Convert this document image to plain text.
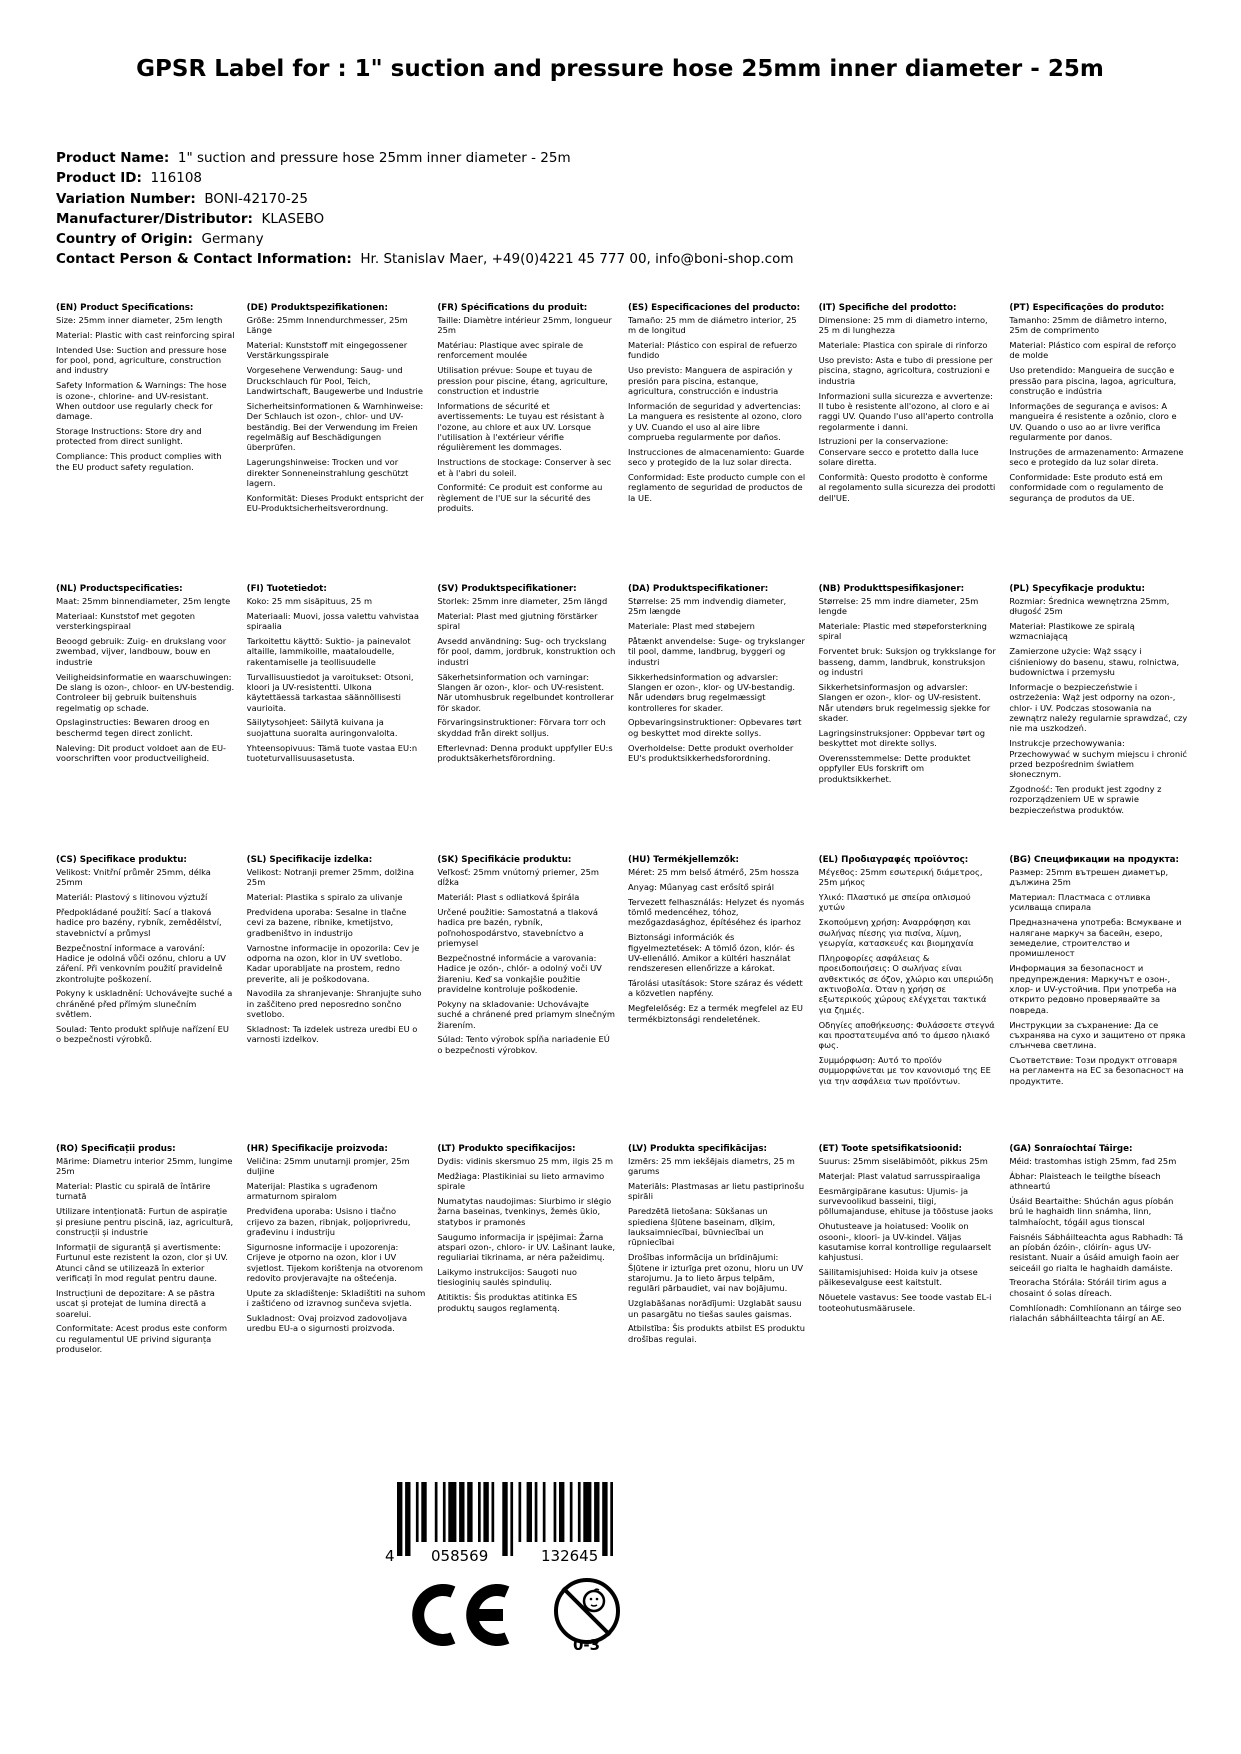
GPSR Label for : 1" suction and pressure hose 25mm inner diameter - 25m
Product Name:  1" suction and pressure hose 25mm inner diameter - 25m
Product ID:  116108
Variation Number:  BONI-42170-25
Manufacturer/Distributor:  KLASEBO
Country of Origin:  Germany
Contact Person & Contact Information:  Hr. Stanislav Maer, +49(0)4221 45 777 00, info@boni-shop.com
(EN) Product Specifications:

Size: 25mm inner diameter, 25m length

Material: Plastic with cast reinforcing spiral

Intended Use: Suction and pressure hose for pool, pond, agriculture, construction and industry

Safety Information & Warnings: The hose is ozone-, chlorine- and UV-resistant. When outdoor use regularly check for damage.

Storage Instructions: Store dry and protected from direct sunlight.

Compliance: This product complies with the EU product safety regulation.

(DE) Produktspezifikationen:

Größe: 25mm Innendurchmesser, 25m Länge

Material: Kunststoff mit eingegossener Verstärkungsspirale

Vorgesehene Verwendung: Saug- und Druckschlauch für Pool, Teich, Landwirtschaft, Baugewerbe und Industrie

Sicherheitsinformationen & Warnhinweise: Der Schlauch ist ozon-, chlor- und UV-beständig. Bei der Verwendung im Freien regelmäßig auf Beschädigungen überprüfen.

Lagerungshinweise: Trocken und vor direkter Sonneneinstrahlung geschützt lagern.

Konformität: Dieses Produkt entspricht der EU-Produktsicherheitsverordnung.

(FR) Spécifications du produit:

Taille: Diamètre intérieur 25mm, longueur 25m

Matériau: Plastique avec spirale de renforcement moulée

Utilisation prévue: Soupe et tuyau de pression pour piscine, étang, agriculture, construction et industrie

Informations de sécurité et avertissements: Le tuyau est résistant à l'ozone, au chlore et aux UV. Lorsque l'utilisation à l'extérieur vérifie régulièrement les dommages.

Instructions de stockage: Conserver à sec et à l'abri du soleil.

Conformité: Ce produit est conforme au règlement de l'UE sur la sécurité des produits.

(ES) Especificaciones del producto:

Tamaño: 25 mm de diámetro interior, 25 m de longitud

Material: Plástico con espiral de refuerzo fundido

Uso previsto: Manguera de aspiración y presión para piscina, estanque, agricultura, construcción e industria

Información de seguridad y advertencias: La manguera es resistente al ozono, cloro y UV. Cuando el uso al aire libre comprueba regularmente por daños.

Instrucciones de almacenamiento: Guarde seco y protegido de la luz solar directa.

Conformidad: Este producto cumple con el reglamento de seguridad de productos de la UE.

(IT) Specifiche del prodotto:

Dimensione: 25 mm di diametro interno, 25 m di lunghezza

Materiale: Plastica con spirale di rinforzo

Uso previsto: Asta e tubo di pressione per piscina, stagno, agricoltura, costruzioni e industria

Informazioni sulla sicurezza e avvertenze: Il tubo è resistente all'ozono, al cloro e ai raggi UV. Quando l'uso all'aperto controlla regolarmente i danni.

Istruzioni per la conservazione: Conservare secco e protetto dalla luce solare diretta.

Conformità: Questo prodotto è conforme al regolamento sulla sicurezza dei prodotti dell'UE.

(PT) Especificações do produto:

Tamanho: 25mm de diâmetro interno, 25m de comprimento

Material: Plástico com espiral de reforço de molde

Uso pretendido: Mangueira de sucção e pressão para piscina, lagoa, agricultura, construção e indústria

Informações de segurança e avisos: A mangueira é resistente a ozônio, cloro e UV. Quando o uso ao ar livre verifica regularmente por danos.

Instruções de armazenamento: Armazene seco e protegido da luz solar direta.

Conformidade: Este produto está em conformidade com o regulamento de segurança de produtos da UE.

(NL) Productspecificaties:

Maat: 25mm binnendiameter, 25m lengte

Materiaal: Kunststof met gegoten versterkingspiraal

Beoogd gebruik: Zuig- en drukslang voor zwembad, vijver, landbouw, bouw en industrie

Veiligheidsinformatie en waarschuwingen: De slang is ozon-, chloor- en UV-bestendig. Controleer bij gebruik buitenshuis regelmatig op schade.

Opslaginstructies: Bewaren droog en beschermd tegen direct zonlicht.

Naleving: Dit product voldoet aan de EU-voorschriften voor productveiligheid.

(FI) Tuotetiedot:

Koko: 25 mm sisäpituus, 25 m

Materiaali: Muovi, jossa valettu vahvistaa spiraalia

Tarkoitettu käyttö: Suktio- ja painevalot altaille, lammikoille, maataloudelle, rakentamiselle ja teollisuudelle

Turvallisuustiedot ja varoitukset: Otsoni, kloori ja UV-resistentti. Ulkona käytettäessä tarkastaa säännöllisesti vaurioita.

Säilytysohjeet: Säilytä kuivana ja suojattuna suoralta auringonvalolta.

Yhteensopivuus: Tämä tuote vastaa EU:n tuoteturvallisuusasetusta.

(SV) Produktspecifikationer:

Storlek: 25mm inre diameter, 25m längd

Material: Plast med gjutning förstärker spiral

Avsedd användning: Sug- och tryckslang för pool, damm, jordbruk, konstruktion och industri

Säkerhetsinformation och varningar: Slangen är ozon-, klor- och UV-resistent. När utomhusbruk regelbundet kontrollerar för skador.

Förvaringsinstruktioner: Förvara torr och skyddad från direkt solljus.

Efterlevnad: Denna produkt uppfyller EU:s produktsäkerhetsförordning.

(DA) Produktspecifikationer:

Størrelse: 25 mm indvendig diameter, 25m længde

Materiale: Plast med støbejern

Påtænkt anvendelse: Suge- og trykslanger til pool, damme, landbrug, byggeri og industri

Sikkerhedsinformation og advarsler: Slangen er ozon-, klor- og UV-bestandig. Når udendørs brug regelmæssigt kontrolleres for skader.

Opbevaringsinstruktioner: Opbevares tørt og beskyttet mod direkte sollys.

Overholdelse: Dette produkt overholder EU's produktsikkerhedsforordning.

(NB) Produkttspesifikasjoner:

Størrelse: 25 mm indre diameter, 25m lengde

Materiale: Plastic med støpeforsterkning spiral

Forventet bruk: Suksjon og trykkslange for basseng, damm, landbruk, konstruksjon og industri

Sikkerhetsinformasjon og advarsler: Slangen er ozon-, klor- og UV-resistent. Når utendørs bruk regelmessig sjekke for skader.

Lagringsinstruksjoner: Oppbevar tørt og beskyttet mot direkte sollys.

Overensstemmelse: Dette produktet oppfyller EUs forskrift om produktsikkerhet.

(PL) Specyfikacje produktu:

Rozmiar: Średnica wewnętrzna 25mm, długość 25m

Materiał: Plastikowe ze spiralą wzmacniającą

Zamierzone użycie: Wąż ssący i ciśnieniowy do basenu, stawu, rolnictwa, budownictwa i przemysłu

Informacje o bezpieczeństwie i ostrzeżenia: Wąż jest odporny na ozon-, chlor- i UV. Podczas stosowania na zewnątrz należy regularnie sprawdzać, czy nie ma uszkodzeń.

Instrukcje przechowywania: Przechowywać w suchym miejscu i chronić przed bezpośrednim światłem słonecznym.

Zgodność: Ten produkt jest zgodny z rozporządzeniem UE w sprawie bezpieczeństwa produktów.

(CS) Specifikace produktu:

Velikost: Vnitřní průměr 25mm, délka 25mm

Materiál: Plastový s litinovou výztuží

Předpokládané použití: Sací a tlaková hadice pro bazény, rybník, zemědělství, stavebnictví a průmysl

Bezpečnostní informace a varování: Hadice je odolná vůči ozónu, chloru a UV záření. Při venkovním použití pravidelně zkontrolujte poškození.

Pokyny k uskladnění: Uchovávejte suché a chráněné před přímým slunečním světlem.

Soulad: Tento produkt splňuje nařízení EU o bezpečnosti výrobků.

(SL) Specifikacije izdelka:

Velikost: Notranji premer 25mm, dolžina 25m

Material: Plastika s spiralo za ulivanje

Predvidena uporaba: Sesalne in tlačne cevi za bazene, ribnike, kmetijstvo, gradbeništvo in industrijo

Varnostne informacije in opozorila: Cev je odporna na ozon, klor in UV svetlobo. Kadar uporabljate na prostem, redno preverite, ali je poškodovana.

Navodila za shranjevanje: Shranjujte suho in zaščiteno pred neposredno sončno svetlobo.

Skladnost: Ta izdelek ustreza uredbi EU o varnosti izdelkov.

(SK) Špecifikácie produktu:

Veľkosť: 25mm vnútorný priemer, 25m dĺžka

Materiál: Plast s odliatková špirála

Určené použitie: Samostatná a tlaková hadica pre bazén, rybník, poľnohospodárstvo, stavebníctvo a priemysel

Bezpečnostné informácie a varovania: Hadice je ozón-, chlór- a odolný voči UV žiareniu. Keď sa vonkajšie použitie pravidelne kontroluje poškodenie.

Pokyny na skladovanie: Uchovávajte suché a chránené pred priamym slnečným žiarením.

Súlad: Tento výrobok spĺňa nariadenie EÚ o bezpečnosti výrobkov.

(HU) Termékjellemzők:

Méret: 25 mm belső átmérő, 25m hossza

Anyag: Műanyag cast erősítő spirál

Tervezett felhasználás: Helyzet és nyomás tömlő medencéhez, tóhoz, mezőgazdasághoz, építéséhez és iparhoz

Biztonsági információk és figyelmeztetések: A tömlő ózon, klór- és UV-ellenálló. Amikor a kültéri használat rendszeresen ellenőrizze a károkat.

Tárolási utasítások: Store száraz és védett a közvetlen napfény.

Megfelelőség: Ez a termék megfelel az EU termékbiztonsági rendeletének.

(EL) Προδιαγραφές προϊόντος:

Μέγεθος: 25mm εσωτερική διάμετρος, 25m μήκος

Υλικό: Πλαστικό με σπείρα οπλισμού χυτών

Σκοπούμενη χρήση: Αναρρόφηση και σωλήνας πίεσης για πισίνα, λίμνη, γεωργία, κατασκευές και βιομηχανία

Πληροφορίες ασφάλειας & προειδοποιήσεις: Ο σωλήνας είναι ανθεκτικός σε όζον, χλώριο και υπεριώδη ακτινοβολία. Όταν η χρήση σε εξωτερικούς χώρους ελέγχεται τακτικά για ζημιές.

Οδηγίες αποθήκευσης: Φυλάσσετε στεγνά και προστατευμένα από το άμεσο ηλιακό φως.

Συμμόρφωση: Αυτό το προϊόν συμμορφώνεται με τον κανονισμό της ΕΕ για την ασφάλεια των προϊόντων.

(BG) Спецификации на продукта:

Размер: 25mm вътрешен диаметър, дължина 25m

Материал: Пластмаса с отливка усилваща спирала

Предназначена употреба: Всмукване и налягане маркуч за басейн, езеро, земеделие, строителство и промишленост

Информация за безопасност и предупреждения: Маркучът е озон-, хлор- и UV-устойчив. При употреба на открито редовно проверявайте за повреда.

Инструкции за съхранение: Да се съхранява на сухо и защитено от пряка слънчева светлина.

Съответствие: Този продукт отговаря на регламента на ЕС за безопасност на продуктите.

(RO) Specificații produs:

Mărime: Diametru interior 25mm, lungime 25m

Material: Plastic cu spirală de întărire turnată

Utilizare intenționată: Furtun de aspirație și presiune pentru piscină, iaz, agricultură, construcții și industrie

Informații de siguranță și avertismente: Furtunul este rezistent la ozon, clor și UV. Atunci când se utilizează în exterior verificați în mod regulat pentru daune.

Instrucțiuni de depozitare: A se păstra uscat și protejat de lumina directă a soarelui.

Conformitate: Acest produs este conform cu regulamentul UE privind siguranța produselor.

(HR) Specifikacije proizvoda:

Veličina: 25mm unutarnji promjer, 25m duljine

Materijal: Plastika s ugrađenom armaturnom spiralom

Predviđena uporaba: Usisno i tlačno crijevo za bazen, ribnjak, poljoprivredu, građevinu i industriju

Sigurnosne informacije i upozorenja: Crijeve je otporno na ozon, klor i UV svjetlost. Tijekom korištenja na otvorenom redovito provjeravajte na oštećenja.

Upute za skladištenje: Skladištiti na suhom i zaštićeno od izravnog sunčeva svjetla.

Sukladnost: Ovaj proizvod zadovoljava uredbu EU-a o sigurnosti proizvoda.

(LT) Produkto specifikacijos:

Dydis: vidinis skersmuo 25 mm, ilgis 25 m

Medžiaga: Plastikiniai su lieto armavimo spirale

Numatytas naudojimas: Siurbimo ir slėgio žarna baseinas, tvenkinys, žemės ūkio, statybos ir pramonės

Saugumo informacija ir įspėjimai: Žarna atspari ozon-, chloro- ir UV. Lašinant lauke, reguliariai tikrinama, ar nėra pažeidimų.

Laikymo instrukcijos: Saugoti nuo tiesioginių saulės spindulių.

Atitiktis: Šis produktas atitinka ES produktų saugos reglamentą.

(LV) Produkta specifikācijas:

Izmērs: 25 mm iekšējais diametrs, 25 m garums

Materiāls: Plastmasas ar lietu pastiprinošu spirāli

Paredzētā lietošana: Sūkšanas un spiediena šļūtene baseinam, dīķim, lauksaimniecībai, būvniecībai un rūpniecībai

Drošības informācija un brīdinājumi: Šļūtene ir izturīga pret ozonu, hloru un UV starojumu. Ja to lieto ārpus telpām, regulāri pārbaudiet, vai nav bojājumu.

Uzglabāšanas norādījumi: Uzglabāt sausu un pasargātu no tiešas saules gaismas.

Atbilstība: Šis produkts atbilst ES produktu drošības regulai.

(ET) Toote spetsifikatsioonid:

Suurus: 25mm siseläbimõõt, pikkus 25m

Materjal: Plast valatud sarrusspiraaliga

Eesmärgipärane kasutus: Ujumis- ja survevoolikud basseini, tiigi, põllumajanduse, ehituse ja tööstuse jaoks

Ohutusteave ja hoiatused: Voolik on osooni-, kloori- ja UV-kindel. Väljas kasutamise korral kontrollige regulaarselt kahjustusi.

Säilitamisjuhised: Hoida kuiv ja otsese päikesevalguse eest kaitstult.

Nõuetele vastavus: See toode vastab EL-i tooteohutusmäärusele.

(GA) Sonraíochtaí Táirge:

Méid: trastomhas istigh 25mm, fad 25m

Ábhar: Plaisteach le teilgthe bíseach athneartú

Úsáid Beartaithe: Shúchán agus píobán brú le haghaidh linn snámha, linn, talmhaíocht, tógáil agus tionscal

Faisnéis Sábháilteachta agus Rabhadh: Tá an píobán ózóin-, clóirín- agus UV-resistant. Nuair a úsáid amuigh faoin aer seiceáil go rialta le haghaidh damáiste.

Treoracha Stórála: Stóráil tirim agus a chosaint ó solas díreach.

Comhlíonadh: Comhlíonann an táirge seo rialachán sábháilteachta táirgí an AE.

4 058569	132645
0-3
